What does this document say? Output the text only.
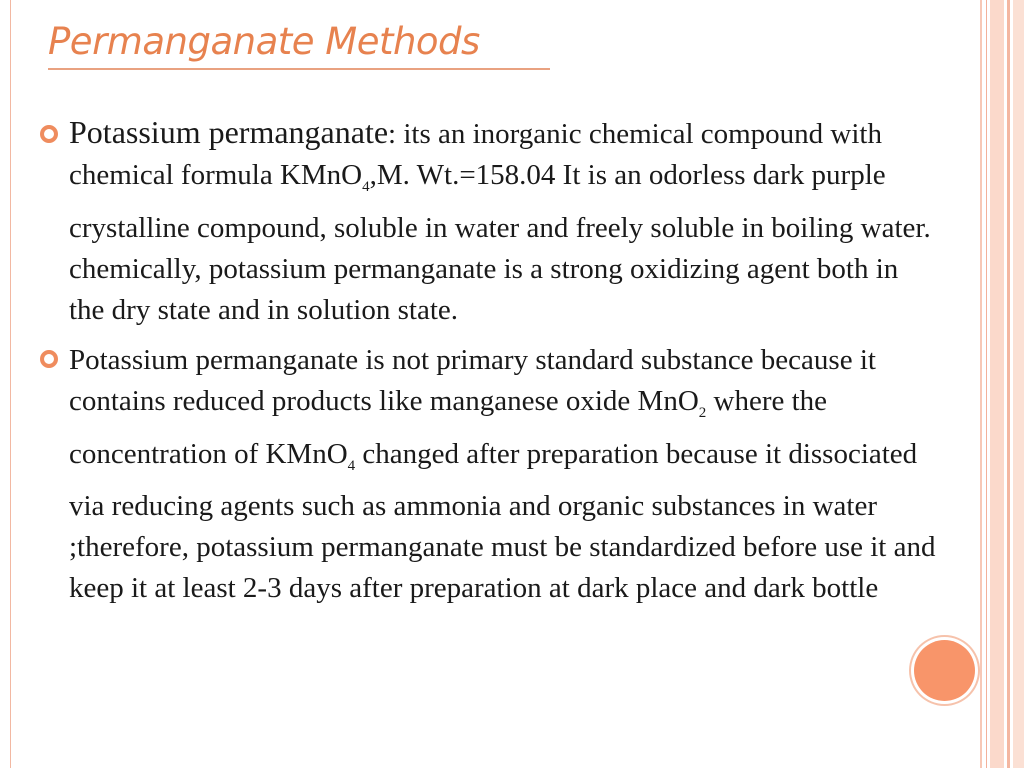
Permanganate Methods
Potassium permanganate: its an inorganic chemical compound with chemical formula KMnO$_4$,M. Wt.=158.04 It is an odorless dark purple crystalline compound, soluble in water and freely soluble in boiling water. chemically, potassium permanganate is a strong oxidizing agent both in the dry state and in solution state.
Potassium permanganate is not primary standard substance because it contains reduced products like manganese oxide MnO$_2$ where the concentration of KMnO$_4$ changed after preparation because it dissociated via reducing agents such as ammonia and organic substances in water ;therefore, potassium permanganate must be standardized before use it and keep it at least 2-3 days after preparation at dark place and dark bottle
